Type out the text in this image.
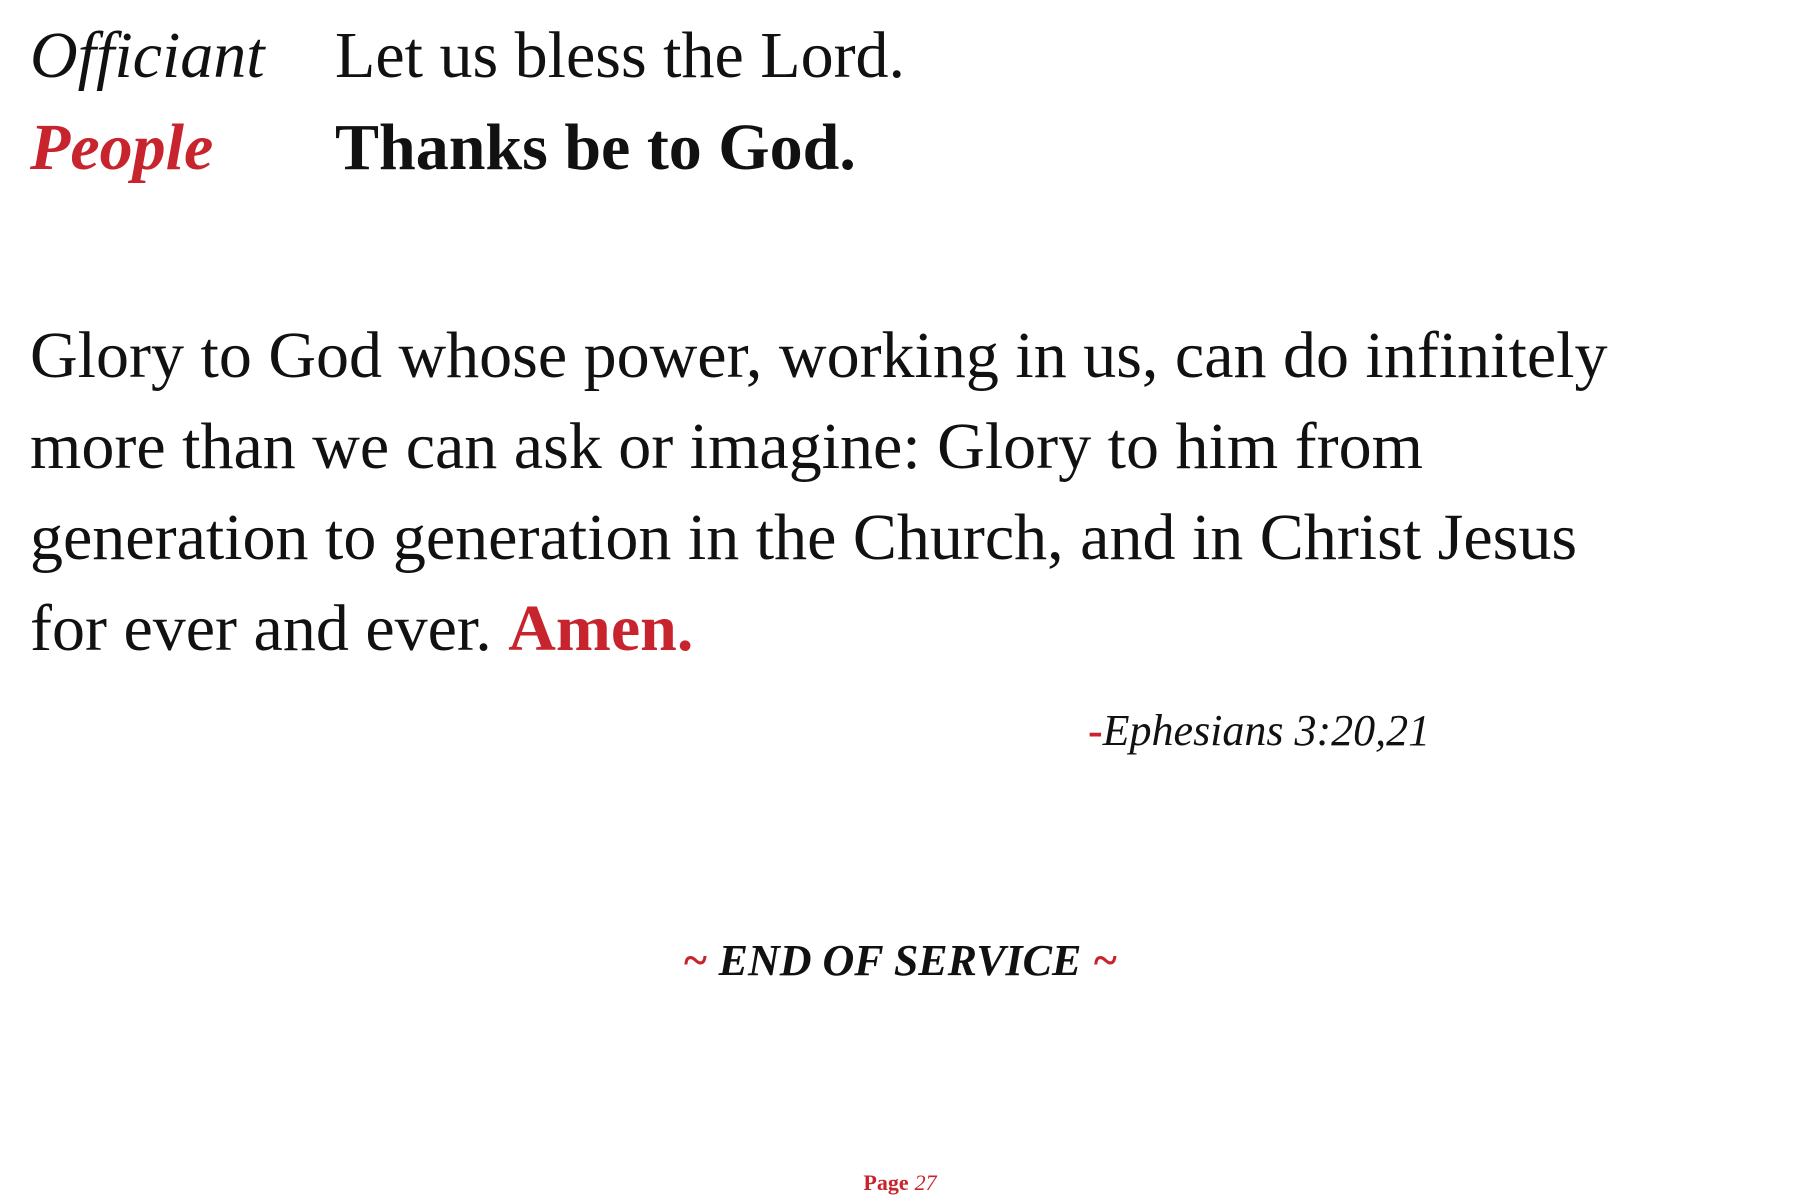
Officiant	Let us bless the Lord.
People	Thanks be to God.
Glory to God whose power, working in us, can do infinitely more than we can ask or imagine: Glory to him from generation to generation in the Church, and in Christ Jesus for ever and ever. Amen.
-Ephesians 3:20,21
~ END OF SERVICE ~
Page 27
